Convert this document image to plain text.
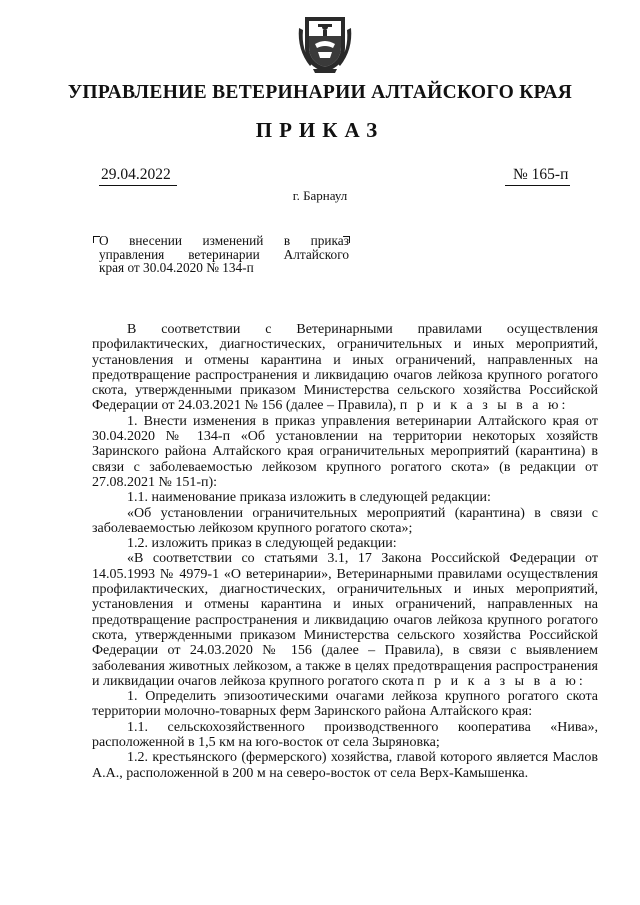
УПРАВЛЕНИЕ ВЕТЕРИНАРИИ АЛТАЙСКОГО КРАЯ
ПРИКАЗ
29.04.2022	№ 165-п
г. Барнаул
О внесении изменений в приказ
управления ветеринарии Алтайского
края от 30.04.2020 № 134-п

В соответствии с Ветеринарными правилами осуществления профилактических, диагностических, ограничительных и иных мероприятий, установления и отмены карантина и иных ограничений, направленных на предотвращение распространения и ликвидацию очагов лейкоза крупного рогатого скота, утвержденными приказом Министерства сельского хозяйства Российской Федерации от 24.03.2021 № 156 (далее – Правила), п р и к а з ы в а ю:

1. Внести изменения в приказ управления ветеринарии Алтайского края от 30.04.2020 № 134-п «Об установлении на территории некоторых хозяйств Заринского района Алтайского края ограничительных мероприятий (карантина) в связи с заболеваемостью лейкозом крупного рогатого скота» (в редакции от 27.08.2021 № 151-п):

1.1. наименование приказа изложить в следующей редакции:

«Об установлении ограничительных мероприятий (карантина) в связи с заболеваемостью лейкозом крупного рогатого скота»;

1.2. изложить приказ в следующей редакции:

«В соответствии со статьями 3.1, 17 Закона Российской Федерации от 14.05.1993 № 4979-1 «О ветеринарии», Ветеринарными правилами осуществления профилактических, диагностических, ограничительных и иных мероприятий, установления и отмены карантина и иных ограничений, направленных на предотвращение распространения и ликвидацию очагов лейкоза крупного рогатого скота, утвержденными приказом Министерства сельского хозяйства Российской Федерации от 24.03.2020 № 156 (далее – Правила), в связи с выявлением заболевания животных лейкозом, а также в целях предотвращения распространения и ликвидации очагов лейкоза крупного рогатого скота п р и к а з ы в а ю:

1. Определить эпизоотическими очагами лейкоза крупного рогатого скота территории молочно-товарных ферм Заринского района Алтайского края:

1.1. сельскохозяйственного производственного кооператива «Нива», расположенной в 1,5 км на юго-восток от села Зыряновка;

1.2. крестьянского (фермерского) хозяйства, главой которого является Маслов А.А., расположенной в 200 м на северо-восток от села Верх-Камышенка.
